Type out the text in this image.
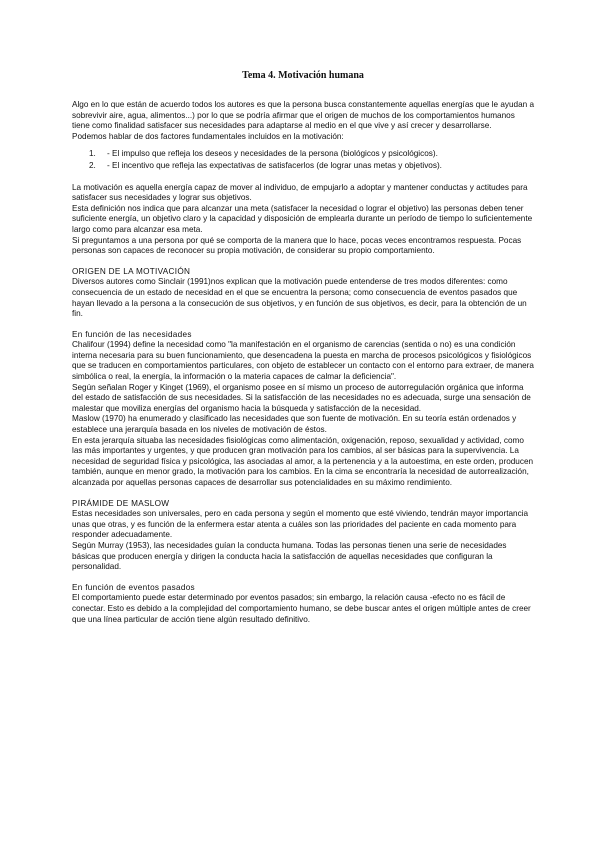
Tema 4. Motivación humana

Algo en lo que están de acuerdo todos los autores es que la persona busca constantemente aquellas energías que le ayudan a sobrevivir aire, agua, alimentos...) por lo que se podría afirmar que el origen de muchos de los comportamientos humanos tiene como finalidad satisfacer sus necesidades para adaptarse al medio en el que vive y así crecer y desarrollarse.

Podemos hablar de dos factores fundamentales incluidos en la motivación:

1.	- El impulso que refleja los deseos y necesidades de la persona (biológicos y psicológicos).
2.	- El incentivo que refleja las expectativas de satisfacerlos (de lograr unas metas y objetivos).

La motivación es aquella energía capaz de mover al individuo, de empujarlo a adoptar y mantener conductas y actitudes para satisfacer sus necesidades y lograr sus objetivos.

Esta definición nos indica que para alcanzar una meta (satisfacer la necesidad o lograr el objetivo) las personas deben tener suficiente energía, un objetivo claro y la capacidad y disposición de emplearla durante un período de tiempo lo suficientemente largo como para alcanzar esa meta.

Si preguntamos a una persona por qué se comporta de la manera que lo hace, pocas veces encontramos respuesta. Pocas personas son capaces de reconocer su propia motivación, de considerar su propio comportamiento.

ORIGEN DE LA MOTIVACIÓN

Diversos autores como Sinclair (1991)nos explican que la motivación puede entenderse de tres modos diferentes: como consecuencia de un estado de necesidad en el que se encuentra la persona; como consecuencia de eventos pasados que hayan llevado a la persona a la consecución de sus objetivos, y en función de sus objetivos, es decir, para la obtención de un fin.

En función de las necesidades

Chalifour (1994) define la necesidad como "la manifestación en el organismo de carencias (sentida o no) es una condición interna necesaria para su buen funcionamiento, que desencadena la puesta en marcha de procesos psicológicos y fisiológicos que se traducen en comportamientos particulares, con objeto de establecer un contacto con el entorno para extraer, de manera simbólica o real, la energía, la información o la materia capaces de calmar la deficiencia".

Según señalan Roger y Kinget (1969), el organismo posee en sí mismo un proceso de autorregulación orgánica que informa del estado de satisfacción de sus necesidades. Si la satisfacción de las necesidades no es adecuada, surge una sensación de malestar que moviliza energías del organismo hacia la búsqueda y satisfacción de la necesidad.

Maslow (1970) ha enumerado y clasificado las necesidades que son fuente de motivación. En su teoría están ordenados y establece una jerarquía basada en los niveles de motivación de éstos.

En esta jerarquía situaba las necesidades fisiológicas como alimentación, oxigenación, reposo, sexualidad y actividad, como las más importantes y urgentes, y que producen gran motivación para los cambios, al ser básicas para la supervivencia. La necesidad de seguridad física y psicológica, las asociadas al amor, a la pertenencia y a la autoestima, en este orden, producen también, aunque en menor grado, la motivación para los cambios. En la cima se encontraría la necesidad de autorrealización, alcanzada por aquellas personas capaces de desarrollar sus potencialidades en su máximo rendimiento.

PIRÁMIDE DE MASLOW

Estas necesidades son universales, pero en cada persona y según el momento que esté viviendo, tendrán mayor importancia unas que otras, y es función de la enfermera estar atenta a cuáles son las prioridades del paciente en cada momento para responder adecuadamente.

Según Murray (1953), las necesidades guían la conducta humana. Todas las personas tienen una serie de necesidades básicas que producen energía y dirigen la conducta hacia la satisfacción de aquellas necesidades que configuran la personalidad.

En función de eventos pasados

El comportamiento puede estar determinado por eventos pasados; sin embargo, la relación causa -efecto no es fácil de conectar. Esto es debido a la complejidad del comportamiento humano, se debe buscar antes el origen múltiple antes de creer que una línea particular de acción tiene algún resultado definitivo.
